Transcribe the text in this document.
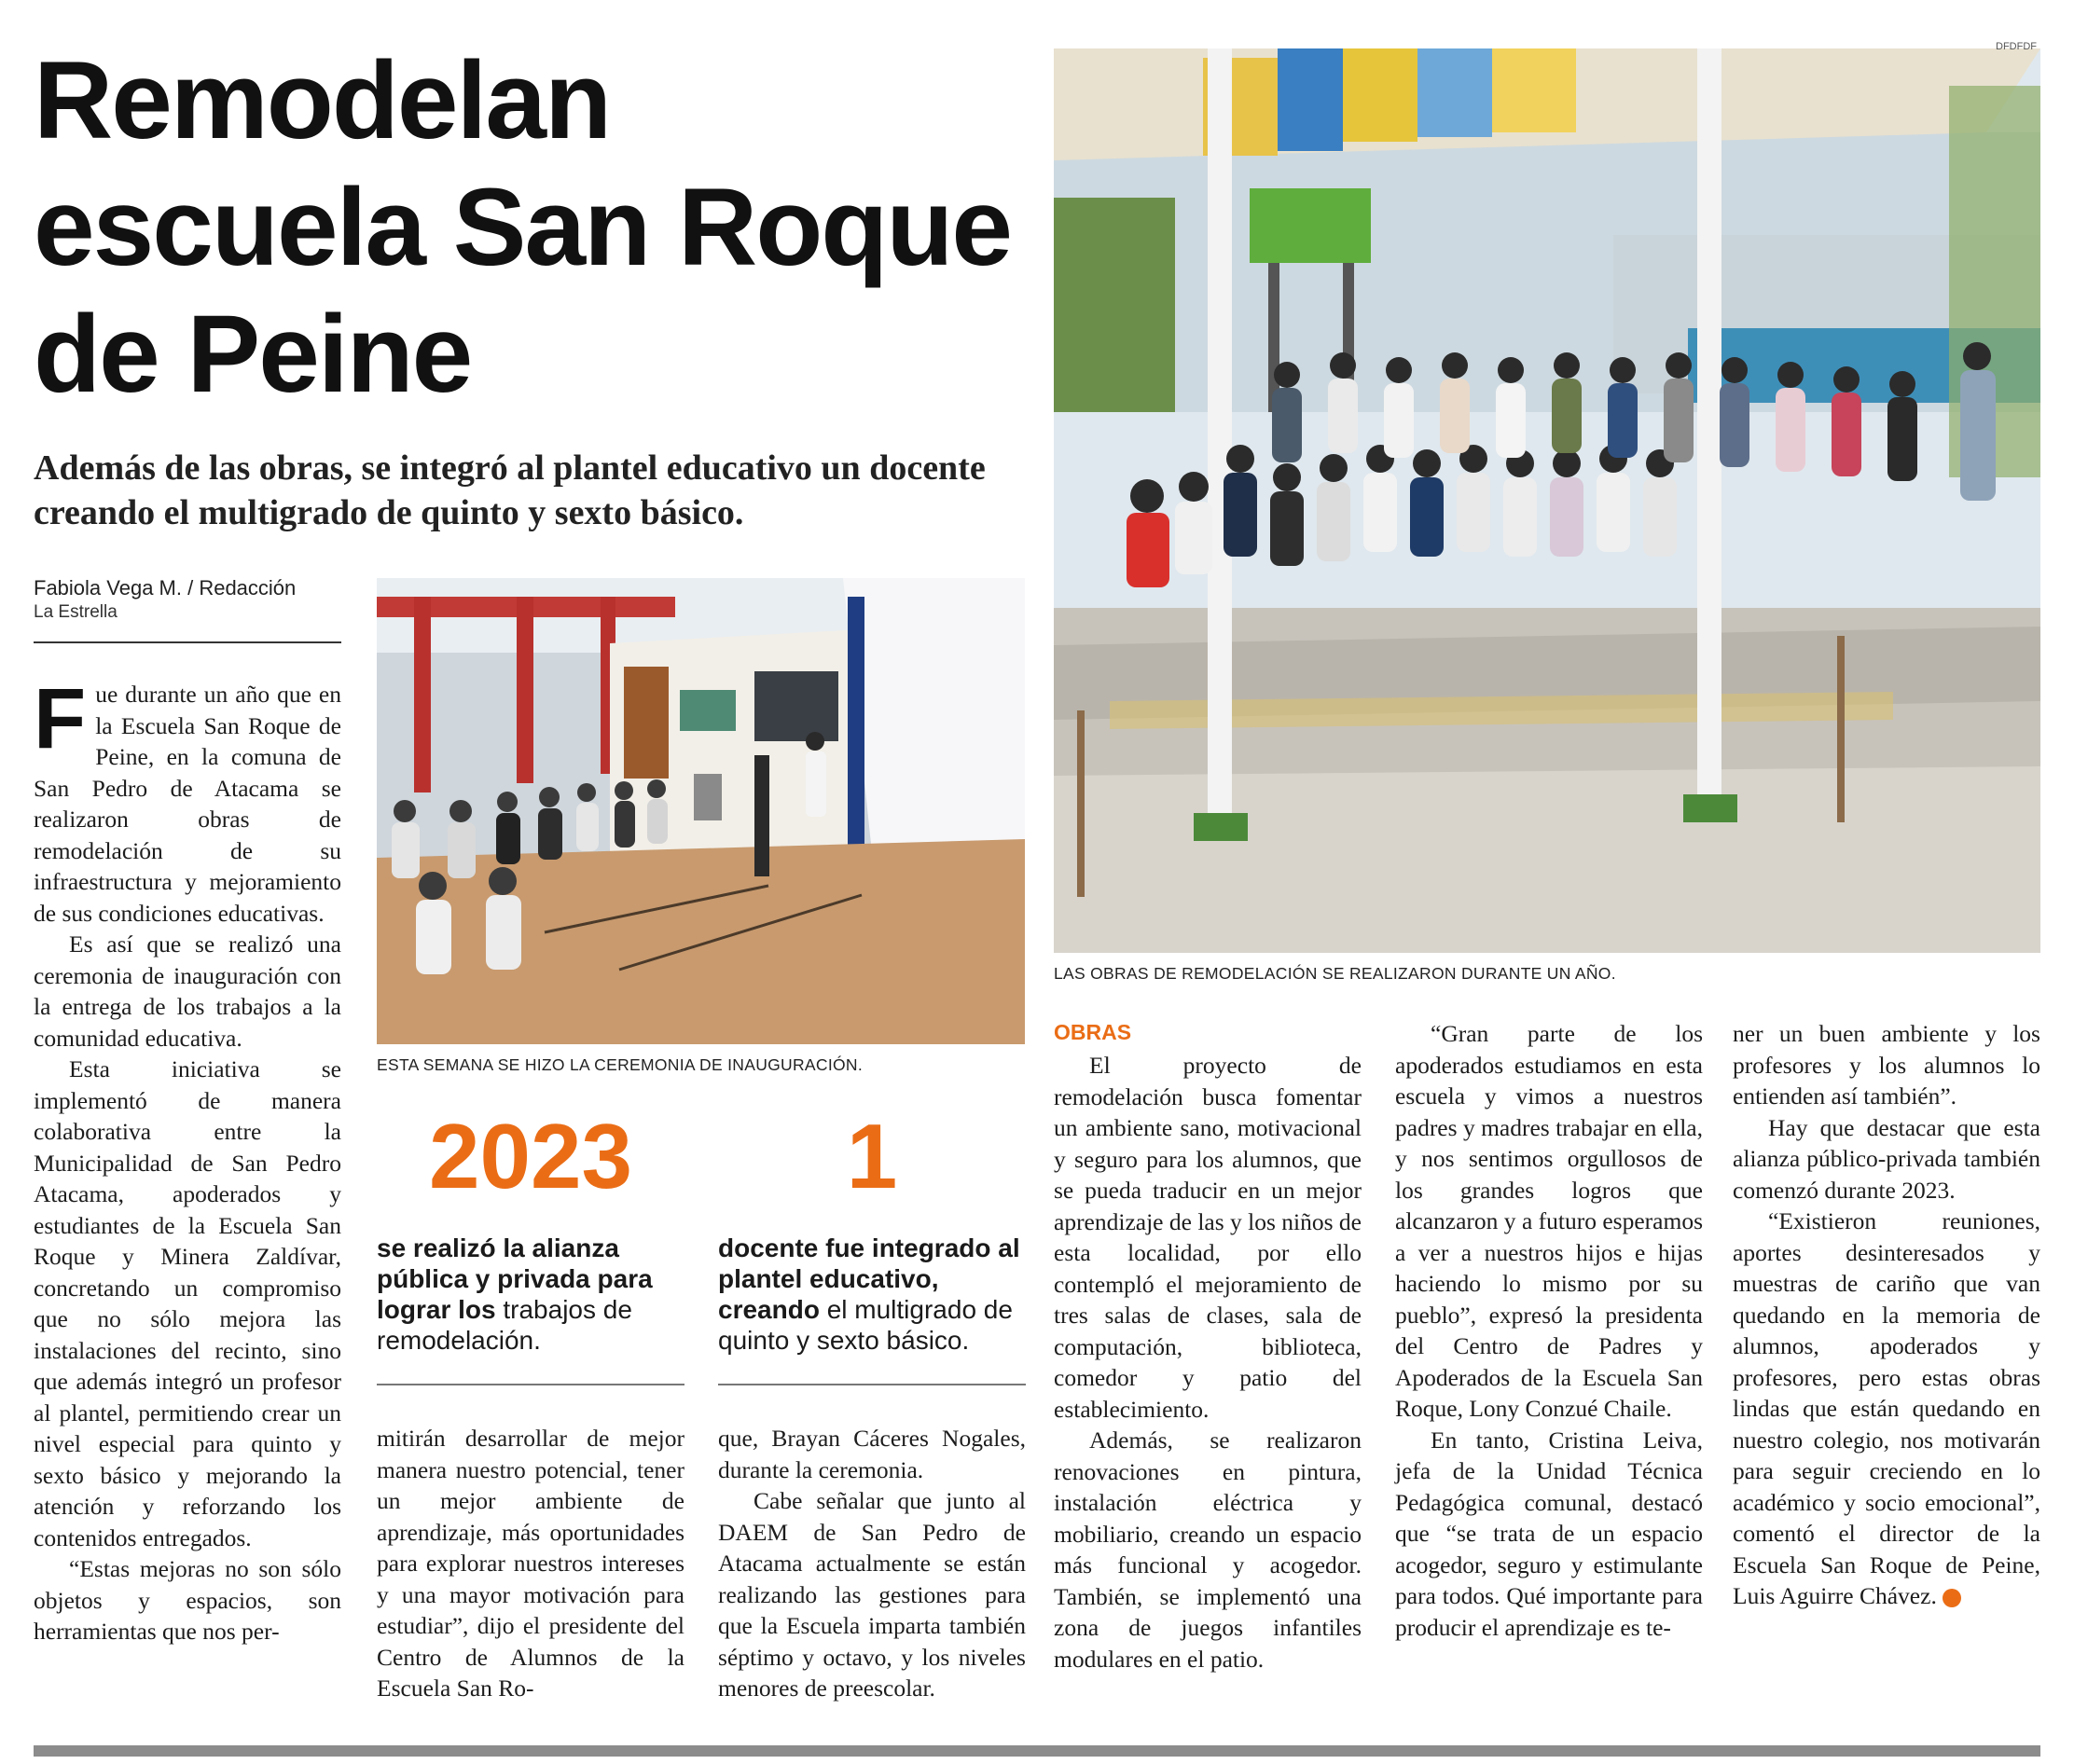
Remodelan escuela San Roque de Peine
Además de las obras, se integró al plantel educativo un docente creando el multigrado de quinto y sexto básico.
Fabiola Vega M. / Redacción
La Estrella
F ue durante un año que en la Escuela San Roque de Peine, en la comuna de San Pedro de Atacama se realizaron obras de remodelación de su infraestructura y mejoramiento de sus condiciones educativas.

Es así que se realizó una ceremonia de inauguración con la entrega de los trabajos a la comunidad educativa.

Esta iniciativa se implementó de manera colaborativa entre la Municipalidad de San Pedro Atacama, apoderados y estudiantes de la Escuela San Roque y Minera Zaldívar, concretando un compromiso que no sólo mejora las instalaciones del recinto, sino que además integró un profesor al plantel, permitiendo crear un nivel especial para quinto y sexto básico y mejorando la atención y reforzando los contenidos entregados.

“Estas mejoras no son sólo objetos y espacios, son herramientas que nos per-

ESTA SEMANA SE HIZO LA CEREMONIA DE INAUGURACIÓN.
2023
se realizó la alianza pública y privada para lograr los trabajos de remodelación.
1
docente fue integrado al plantel educativo, creando el multigrado de quinto y sexto básico.

mitirán desarrollar de mejor manera nuestro potencial, tener un mejor ambiente de aprendizaje, más oportunidades para explorar nuestros intereses y una mayor motivación para estudiar”, dijo el presidente del Centro de Alumnos de la Escuela San Ro-

que, Brayan Cáceres Nogales, durante la ceremonia.

Cabe señalar que junto al DAEM de San Pedro de Atacama actualmente se están realizando las gestiones para que la Escuela imparta también séptimo y octavo, y los niveles menores de preescolar.

DFDFDF
LAS OBRAS DE REMODELACIÓN SE REALIZARON DURANTE UN AÑO.
OBRAS

El proyecto de remodelación busca fomentar un ambiente sano, motivacional y seguro para los alumnos, que se pueda traducir en un mejor aprendizaje de las y los niños de esta localidad, por ello contempló el mejoramiento de tres salas de clases, sala de computación, biblioteca, comedor y patio del establecimiento.

Además, se realizaron renovaciones en pintura, instalación eléctrica y mobiliario, creando un espacio más funcional y acogedor. También, se implementó una zona de juegos infantiles modulares en el patio.

“Gran parte de los apoderados estudiamos en esta escuela y vimos a nuestros padres y madres trabajar en ella, y nos sentimos orgullosos de los grandes logros que alcanzaron y a futuro esperamos a ver a nuestros hijos e hijas haciendo lo mismo por su pueblo”, expresó la presidenta del Centro de Padres y Apoderados de la Escuela San Roque, Lony Conzué Chaile.

En tanto, Cristina Leiva, jefa de la Unidad Técnica Pedagógica comunal, destacó que “se trata de un espacio acogedor, seguro y estimulante para todos. Qué importante para producir el aprendizaje es te-

ner un buen ambiente y los profesores y los alumnos lo entienden así también”.

Hay que destacar que esta alianza público-privada también comenzó durante 2023.

“Existieron reuniones, aportes desinteresados y muestras de cariño que van quedando en la memoria de alumnos, apoderados y profesores, pero estas obras lindas que están quedando en nuestro colegio, nos motivarán para seguir creciendo en lo académico y socio emocional”, comentó el director de la Escuela San Roque de Peine, Luis Aguirre Chávez.	✪
